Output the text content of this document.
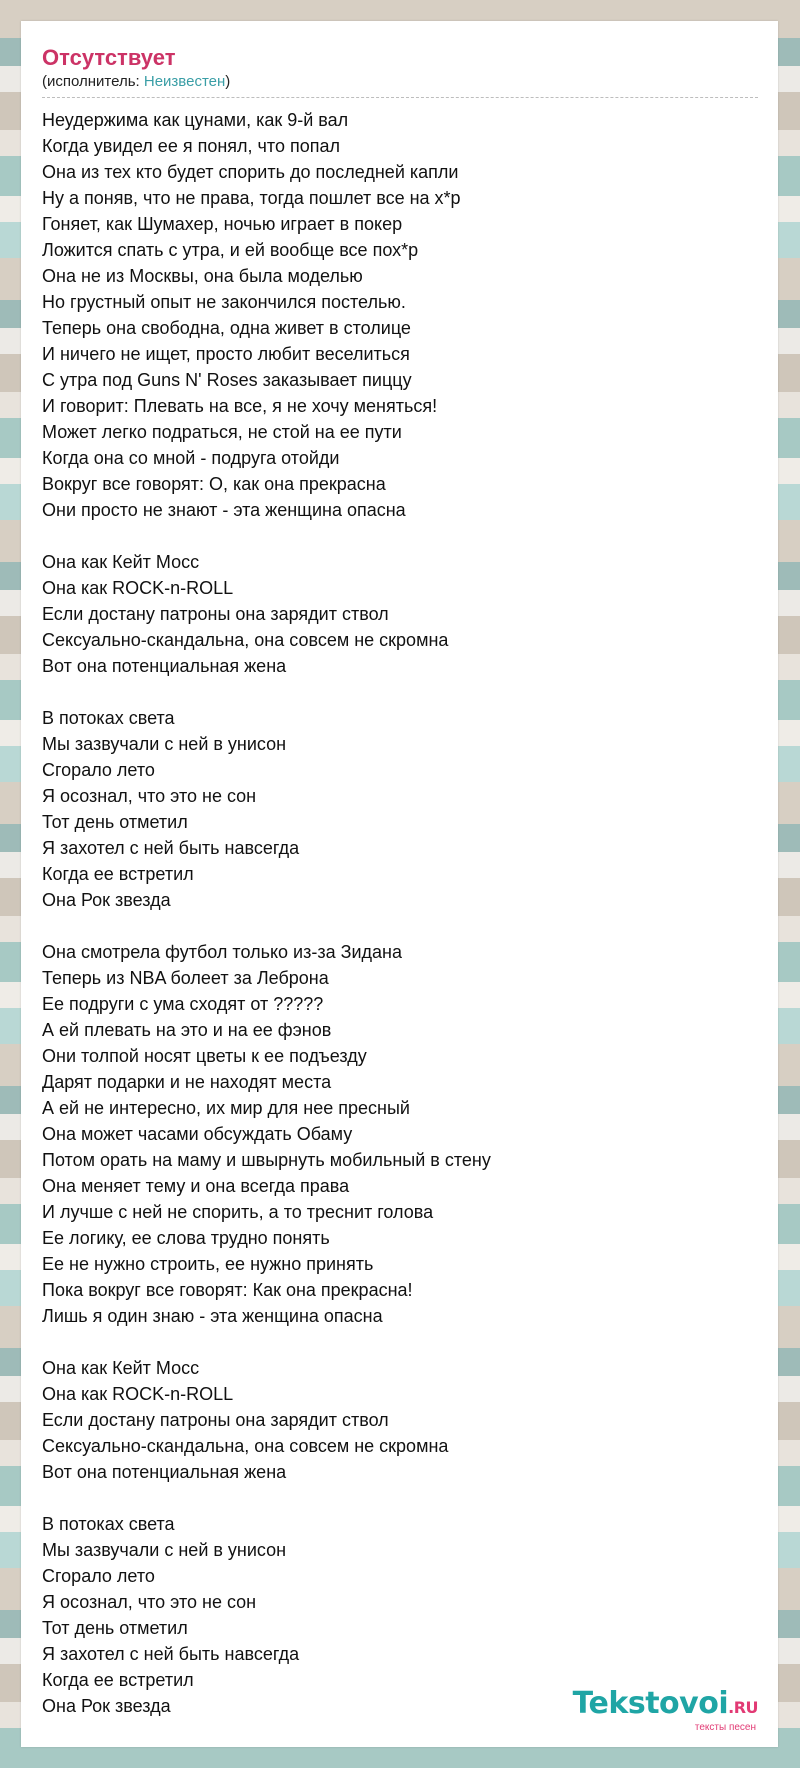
Отсутствует
(исполнитель: Неизвестен)
Неудержима как цунами, как 9-й вал
Когда увидел ее я понял, что попал
Она из тех кто будет спорить до последней капли
Ну а поняв, что не права, тогда пошлет все на х*р
Гоняет, как Шумахер, ночью играет в покер
Ложится спать с утра, и ей вообще все пох*р
Она не из Москвы, она была моделью
Но грустный опыт не закончился постелью.
Теперь она свободна, одна живет в столице
И ничего не ищет, просто любит веселиться
С утра под Guns N' Roses заказывает пиццу
И говорит: Плевать на все, я не хочу меняться!
Может легко подраться, не стой на ее пути
Когда она со мной - подруга отойди
Вокруг все говорят: О, как она прекрасна
Они просто не знают - эта женщина опасна
Она как Кейт Мосс
Она как ROCK-n-ROLL
Если достану патроны она зарядит ствол
Сексуально-скандальна, она совсем не скромна
Вот она потенциальная жена
В потоках света
Мы зазвучали с ней в унисон
Сгорало лето
Я осознал, что это не сон
Тот день отметил
Я захотел с ней быть навсегда
Когда ее встретил
Она Рок звезда
Она смотрела футбол только из-за Зидана
Теперь из NBA болеет за Леброна
Ее подруги с ума сходят от ?????
А ей плевать на это и на ее фэнов
Они толпой носят цветы к ее подъезду
Дарят подарки и не находят места
А ей не интересно, их мир для нее пресный
Она может часами обсуждать Обаму
Потом орать на маму и швырнуть мобильный в стену
Она меняет тему и она всегда права
И лучше с ней не спорить, а то треснит голова
Ее логику, ее слова трудно понять
Ее не нужно строить, ее нужно принять
Пока вокруг все говорят: Как она прекрасна!
Лишь я один знаю - эта женщина опасна
Она как Кейт Мосс
Она как ROCK-n-ROLL
Если достану патроны она зарядит ствол
Сексуально-скандальна, она совсем не скромна
Вот она потенциальная жена
В потоках света
Мы зазвучали с ней в унисон
Сгорало лето
Я осознал, что это не сон
Тот день отметил
Я захотел с ней быть навсегда
Когда ее встретил
Она Рок звезда	Tekstovoi.RU
тексты песен
